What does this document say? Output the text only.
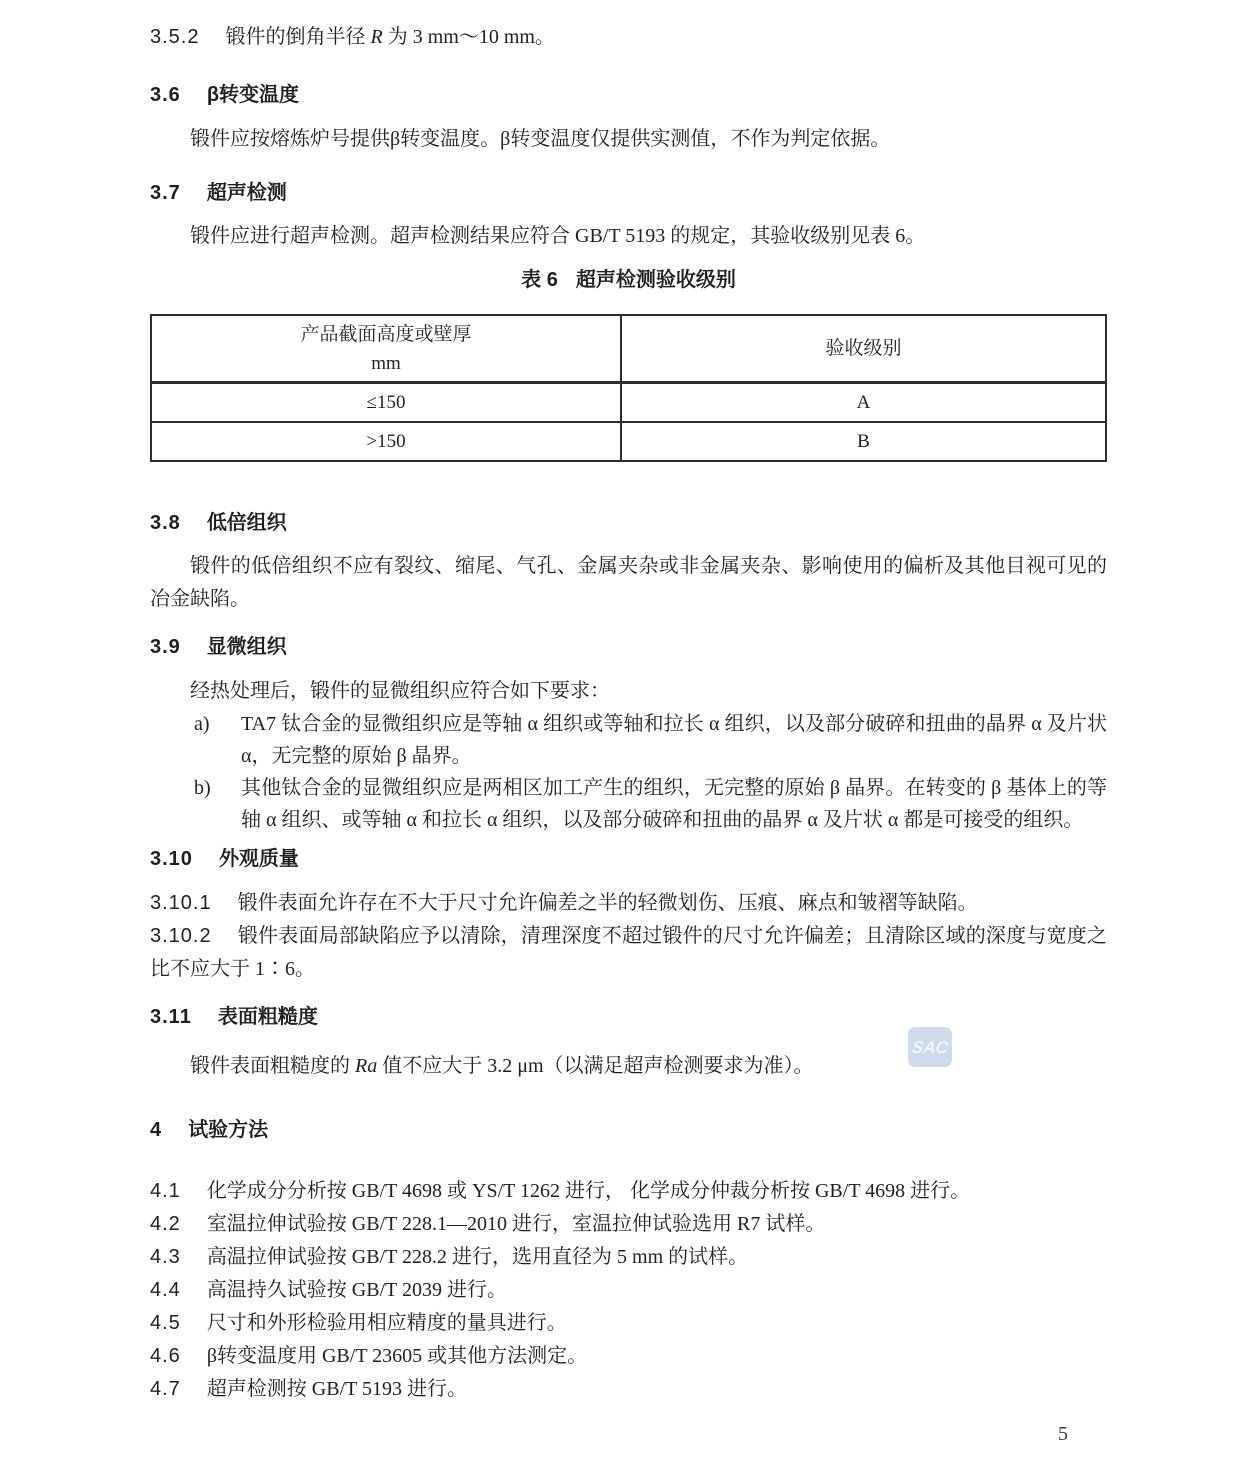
3.5.2 锻件的倒角半径 R 为 3 mm～10 mm。

3.6 β转变温度

锻件应按熔炼炉号提供β转变温度。β转变温度仅提供实测值，不作为判定依据。

3.7 超声检测

锻件应进行超声检测。超声检测结果应符合 GB/T 5193 的规定，其验收级别见表 6。

表 6 超声检测验收级别
产品截面高度或壁厚
mm	验收级别
≤150	A
>150	B
3.8 低倍组织

锻件的低倍组织不应有裂纹、缩尾、气孔、金属夹杂或非金属夹杂、影响使用的偏析及其他目视可见的冶金缺陷。

3.9 显微组织

经热处理后，锻件的显微组织应符合如下要求：

a) TA7 钛合金的显微组织应是等轴 α 组织或等轴和拉长 α 组织，以及部分破碎和扭曲的晶界 α 及片状 α，无完整的原始 β 晶界。
b) 其他钛合金的显微组织应是两相区加工产生的组织，无完整的原始 β 晶界。在转变的 β 基体上的等轴 α 组织、或等轴 α 和拉长 α 组织，以及部分破碎和扭曲的晶界 α 及片状 α 都是可接受的组织。
3.10 外观质量

3.10.1 锻件表面允许存在不大于尺寸允许偏差之半的轻微划伤、压痕、麻点和皱褶等缺陷。

3.10.2 锻件表面局部缺陷应予以清除，清理深度不超过锻件的尺寸允许偏差；且清除区域的深度与宽度之比不应大于 1∶6。

3.11 表面粗糙度

锻件表面粗糙度的 Ra 值不应大于 3.2 μm（以满足超声检测要求为准）。

4 试验方法

4.1 化学成分分析按 GB/T 4698 或 YS/T 1262 进行， 化学成分仲裁分析按 GB/T 4698 进行。

4.2 室温拉伸试验按 GB/T 228.1—2010 进行，室温拉伸试验选用 R7 试样。

4.3 高温拉伸试验按 GB/T 228.2 进行，选用直径为 5 mm 的试样。

4.4 高温持久试验按 GB/T 2039 进行。

4.5 尺寸和外形检验用相应精度的量具进行。

4.6 β转变温度用 GB/T 23605 或其他方法测定。

4.7 超声检测按 GB/T 5193 进行。

SAC
5
